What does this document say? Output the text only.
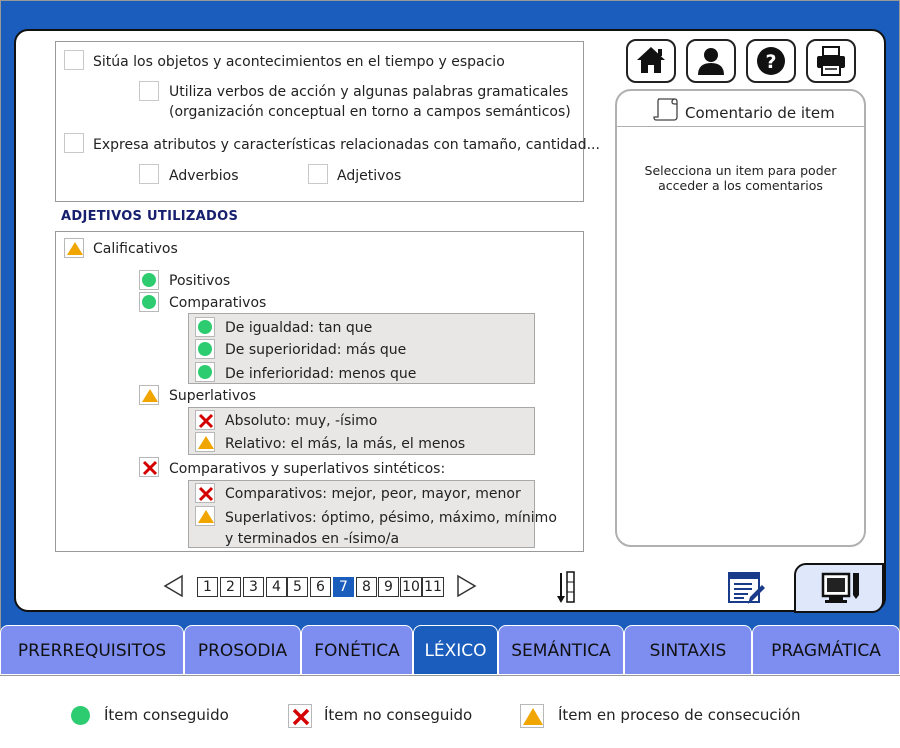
Sitúa los objetos y acontecimientos en el tiempo y espacio
Utiliza verbos de acción y algunas palabras gramaticales
(organización conceptual en torno a campos semánticos)
Expresa atributos y características relacionadas con tamaño, cantidad...
Adverbios	Adjetivos
ADJETIVOS UTILIZADOS
Calificativos
Positivos
Comparativos
De igualdad: tan que
De superioridad: más que
De inferioridad: menos que
Superlativos
Absoluto: muy, -ísimo
Relativo: el más, la más, el menos
Comparativos y superlativos sintéticos:
Comparativos: mejor, peor, mayor, menor
Superlativos: óptimo, pésimo, máximo, mínimo
y terminados en -ísimo/a
?
Comentario de item
Selecciona un item para poder acceder a los comentarios
1	2	3	4 5	6	7	8 9 10 11
PRERREQUISITOS	PROSODIA	FONÉTICA	LÉXICO	SEMÁNTICA	SINTAXIS	PRAGMÁTICA
Ítem conseguido	Ítem no conseguido	Ítem en proceso de consecución
